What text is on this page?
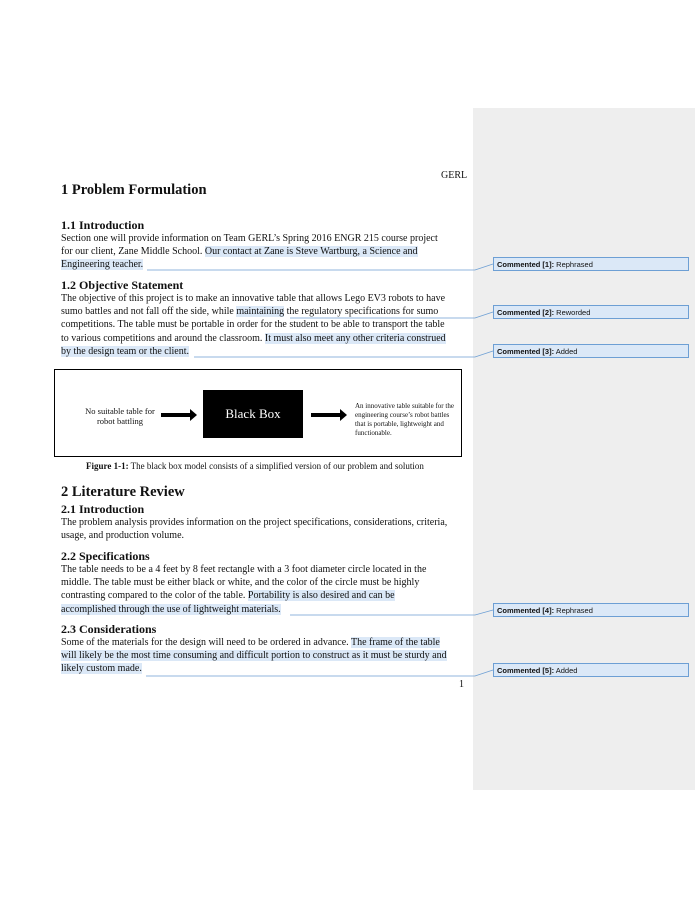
GERL
1 Problem Formulation
1.1 Introduction
Section one will provide information on Team GERL’s Spring 2016 ENGR 215 course project
for our client, Zane Middle School. Our contact at Zane is Steve Wartburg, a Science and
Engineering teacher.
1.2 Objective Statement
The objective of this project is to make an innovative table that allows Lego EV3 robots to have
sumo battles and not fall off the side, while maintaining the regulatory specifications for sumo
competitions. The table must be portable in order for the student to be able to transport the table
to various competitions and around the classroom. It must also meet any other criteria construed
by the design team or the client.
No suitable table for robot battling	Black Box	An innovative table suitable for the engineering course’s robot battles that is portable, lightweight and functionable.
Figure 1-1: The black box model consists of a simplified version of our problem and solution
2 Literature Review
2.1 Introduction
The problem analysis provides information on the project specifications, considerations, criteria,
usage, and production volume.
2.2 Specifications
The table needs to be a 4 feet by 8 feet rectangle with a 3 foot diameter circle located in the
middle. The table must be either black or white, and the color of the circle must be highly
contrasting compared to the color of the table. Portability is also desired and can be
accomplished through the use of lightweight materials.
2.3 Considerations
Some of the materials for the design will need to be ordered in advance. The frame of the table
will likely be the most time consuming and difficult portion to construct as it must be sturdy and
likely custom made.
1
Commented [1]: Rephrased
Commented [2]: Reworded
Commented [3]: Added
Commented [4]: Rephrased
Commented [5]: Added
